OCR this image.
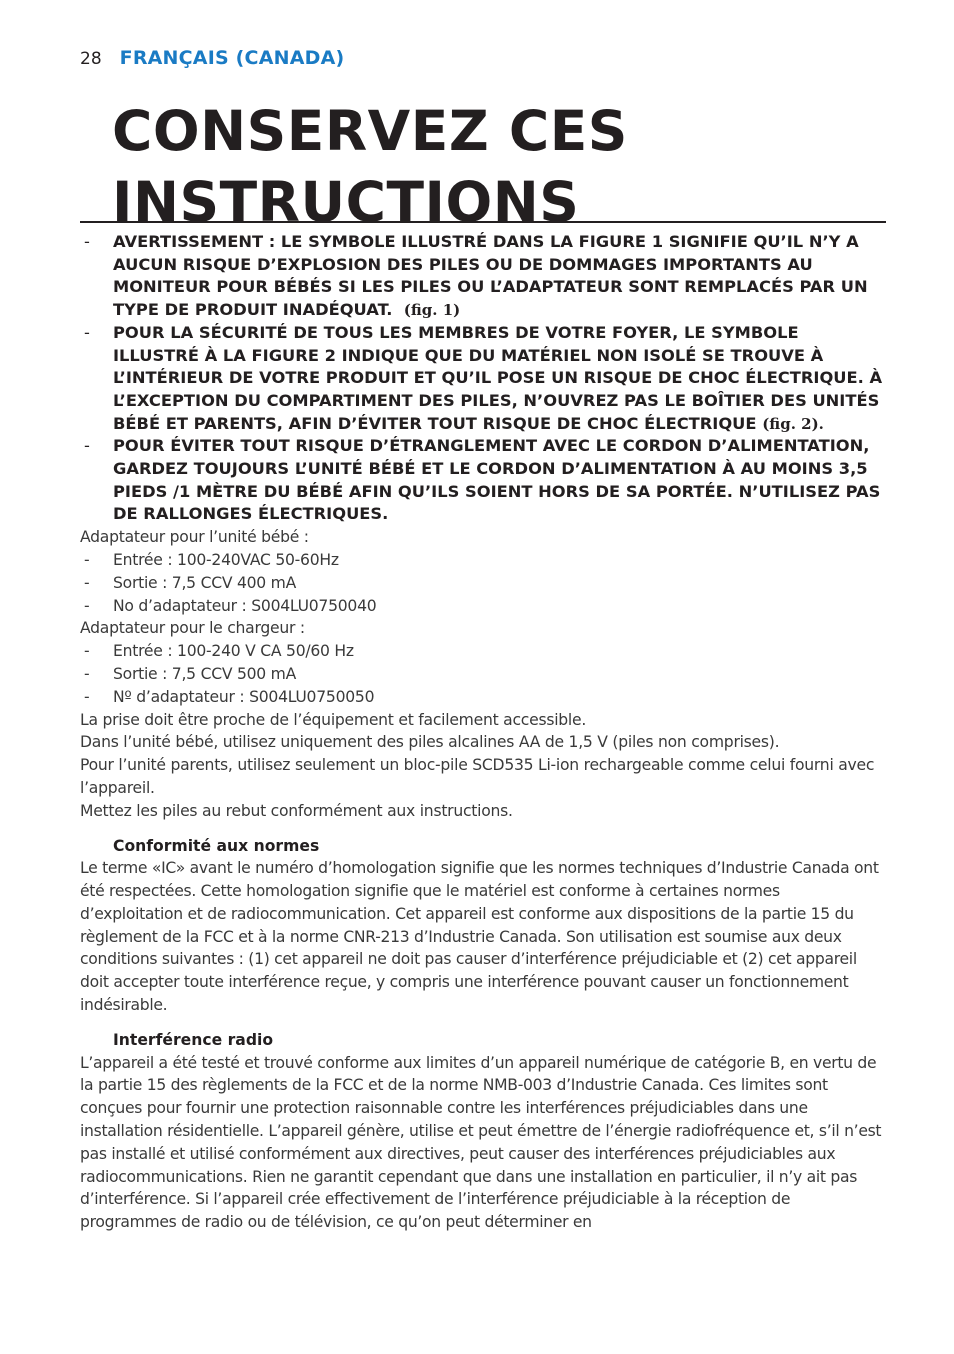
28 FRANÇAIS (CANADA)
CONSERVEZ CES INSTRUCTIONS
- AVERTISSEMENT : LE SYMBOLE ILLUSTRÉ DANS LA FIGURE 1 SIGNIFIE QU’IL N’Y A AUCUN RISQUE D’EXPLOSION DES PILES OU DE DOMMAGES IMPORTANTS AU MONITEUR POUR BÉBÉS SI LES PILES OU L’ADAPTATEUR SONT REMPLACÉS PAR UN TYPE DE PRODUIT INADÉQUAT. (fig. 1)
- POUR LA SÉCURITÉ DE TOUS LES MEMBRES DE VOTRE FOYER, LE SYMBOLE ILLUSTRÉ À LA FIGURE 2 INDIQUE QUE DU MATÉRIEL NON ISOLÉ SE TROUVE À L’INTÉRIEUR DE VOTRE PRODUIT ET QU’IL POSE UN RISQUE DE CHOC ÉLECTRIQUE. À L’EXCEPTION DU COMPARTIMENT DES PILES, N’OUVREZ PAS LE BOÎTIER DES UNITÉS BÉBÉ ET PARENTS, AFIN D’ÉVITER TOUT RISQUE DE CHOC ÉLECTRIQUE (fig. 2).
- POUR ÉVITER TOUT RISQUE D’ÉTRANGLEMENT AVEC LE CORDON D’ALIMENTATION, GARDEZ TOUJOURS L’UNITÉ BÉBÉ ET LE CORDON D’ALIMENTATION À AU MOINS 3,5 PIEDS /1 MÈTRE DU BÉBÉ AFIN QU’ILS SOIENT HORS DE SA PORTÉE. N’UTILISEZ PAS DE RALLONGES ÉLECTRIQUES.
Adaptateur pour l’unité bébé :
- Entrée : 100-240VAC 50-60Hz
- Sortie : 7,5 CCV 400 mA
- No d’adaptateur : S004LU0750040
Adaptateur pour le chargeur :
- Entrée : 100-240 V CA 50/60 Hz
- Sortie : 7,5 CCV 500 mA
- Nº d’adaptateur : S004LU0750050
La prise doit être proche de l’équipement et facilement accessible.
Dans l’unité bébé, utilisez uniquement des piles alcalines AA de 1,5 V (piles non comprises).
Pour l’unité parents, utilisez seulement un bloc-pile SCD535 Li-ion rechargeable comme celui fourni avec l’appareil.
Mettez les piles au rebut conformément aux instructions.
Conformité aux normes
Le terme «IC» avant le numéro d’homologation signifie que les normes techniques d’Industrie Canada ont été respectées. Cette homologation signifie que le matériel est conforme à certaines normes d’exploitation et de radiocommunication. Cet appareil est conforme aux dispositions de la partie 15 du règlement de la FCC et à la norme CNR-213 d’Industrie Canada. Son utilisation est soumise aux deux conditions suivantes : (1) cet appareil ne doit pas causer d’interférence préjudiciable et (2) cet appareil doit accepter toute interférence reçue, y compris une interférence pouvant causer un fonctionnement indésirable.
Interférence radio
L’appareil a été testé et trouvé conforme aux limites d’un appareil numérique de catégorie B, en vertu de la partie 15 des règlements de la FCC et de la norme NMB-003 d’Industrie Canada. Ces limites sont conçues pour fournir une protection raisonnable contre les interférences préjudiciables dans une installation résidentielle. L’appareil génère, utilise et peut émettre de l’énergie radiofréquence et, s’il n’est pas installé et utilisé conformément aux directives, peut causer des interférences préjudiciables aux radiocommunications. Rien ne garantit cependant que dans une installation en particulier, il n’y ait pas d’interférence. Si l’appareil crée effectivement de l’interférence préjudiciable à la réception de programmes de radio ou de télévision, ce qu’on peut déterminer en
